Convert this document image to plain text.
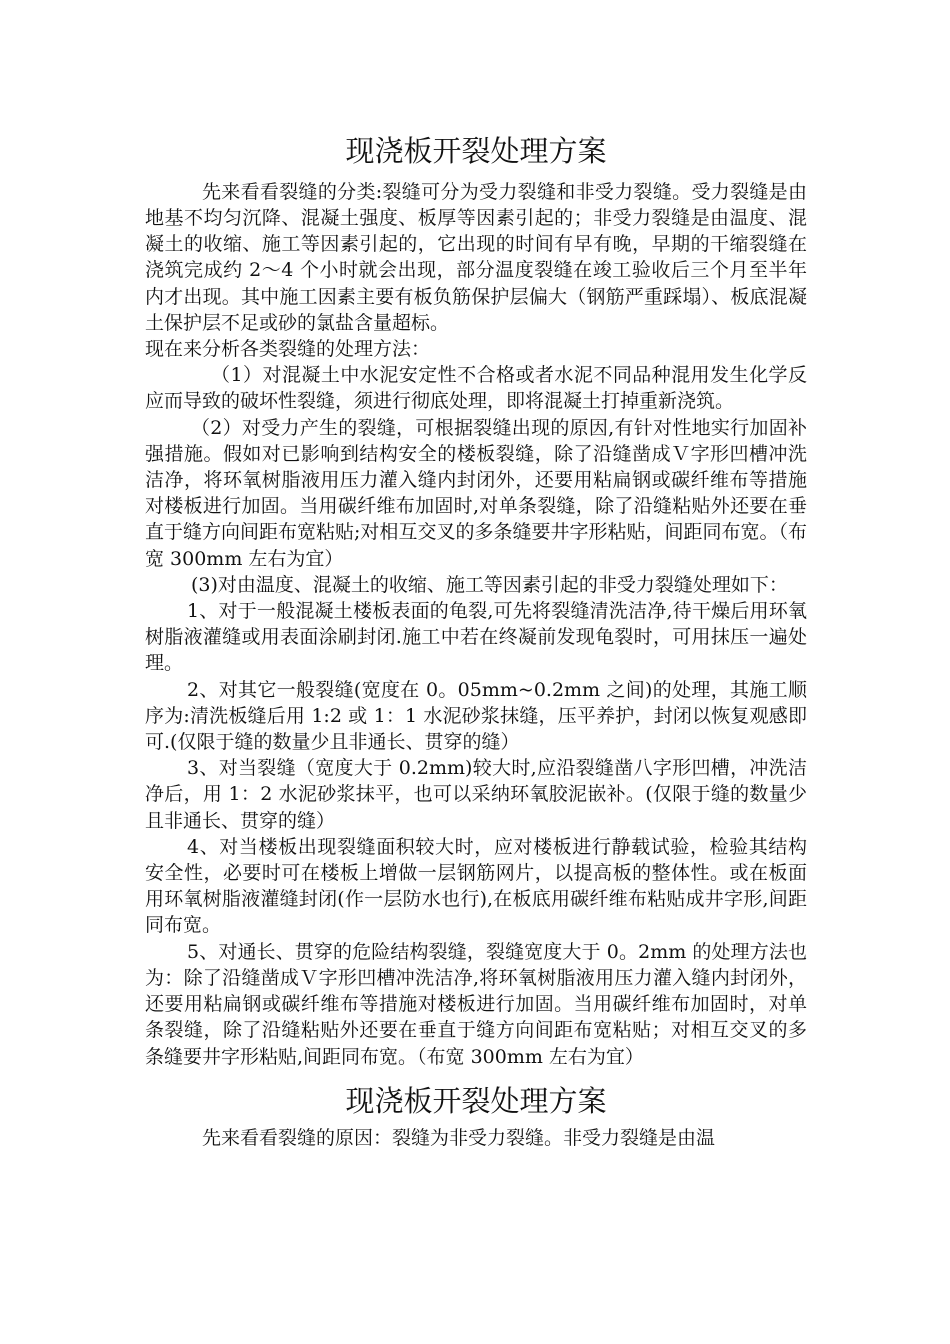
现浇板开裂处理方案

先来看看裂缝的分类:裂缝可分为受力裂缝和非受力裂缝。受力裂缝是由地基不均匀沉降、混凝土强度、板厚等因素引起的；非受力裂缝是由温度、混凝土的收缩、施工等因素引起的，它出现的时间有早有晚，早期的干缩裂缝在浇筑完成约 2～4 个小时就会出现，部分温度裂缝在竣工验收后三个月至半年内才出现。其中施工因素主要有板负筋保护层偏大（钢筋严重踩塌）、板底混凝土保护层不足或砂的氯盐含量超标。

现在来分析各类裂缝的处理方法：

（1）对混凝土中水泥安定性不合格或者水泥不同品种混用发生化学反应而导致的破坏性裂缝，须进行彻底处理，即将混凝土打掉重新浇筑。

（2）对受力产生的裂缝，可根据裂缝出现的原因,有针对性地实行加固补强措施。假如对已影响到结构安全的楼板裂缝，除了沿缝凿成Ｖ字形凹槽冲洗洁净，将环氧树脂液用压力灌入缝内封闭外，还要用粘扁钢或碳纤维布等措施对楼板进行加固。当用碳纤维布加固时,对单条裂缝，除了沿缝粘贴外还要在垂直于缝方向间距布宽粘贴;对相互交叉的多条缝要井字形粘贴，间距同布宽。（布宽 300mm 左右为宜）

(3)对由温度、混凝土的收缩、施工等因素引起的非受力裂缝处理如下：

1、对于一般混凝土楼板表面的龟裂,可先将裂缝清洗洁净,待干燥后用环氧树脂液灌缝或用表面涂刷封闭.施工中若在终凝前发现龟裂时，可用抹压一遍处理。

2、对其它一般裂缝(宽度在 0。05mm~0.2mm 之间)的处理，其施工顺序为:清洗板缝后用 1:2 或 1：1 水泥砂浆抹缝，压平养护，封闭以恢复观感即可.(仅限于缝的数量少且非通长、贯穿的缝）

3、对当裂缝（宽度大于 0.2mm)较大时,应沿裂缝凿八字形凹槽，冲洗洁净后，用 1：2 水泥砂浆抹平，也可以采纳环氧胶泥嵌补。(仅限于缝的数量少且非通长、贯穿的缝）

4、对当楼板出现裂缝面积较大时，应对楼板进行静载试验，检验其结构安全性，必要时可在楼板上增做一层钢筋网片，以提高板的整体性。或在板面用环氧树脂液灌缝封闭(作一层防水也行),在板底用碳纤维布粘贴成井字形,间距同布宽。

5、对通长、贯穿的危险结构裂缝，裂缝宽度大于 0。2mm 的处理方法也为：除了沿缝凿成Ｖ字形凹槽冲洗洁净,将环氧树脂液用压力灌入缝内封闭外，还要用粘扁钢或碳纤维布等措施对楼板进行加固。当用碳纤维布加固时，对单条裂缝，除了沿缝粘贴外还要在垂直于缝方向间距布宽粘贴；对相互交叉的多条缝要井字形粘贴,间距同布宽。（布宽 300mm 左右为宜）

现浇板开裂处理方案

先来看看裂缝的原因：裂缝为非受力裂缝。非受力裂缝是由温
